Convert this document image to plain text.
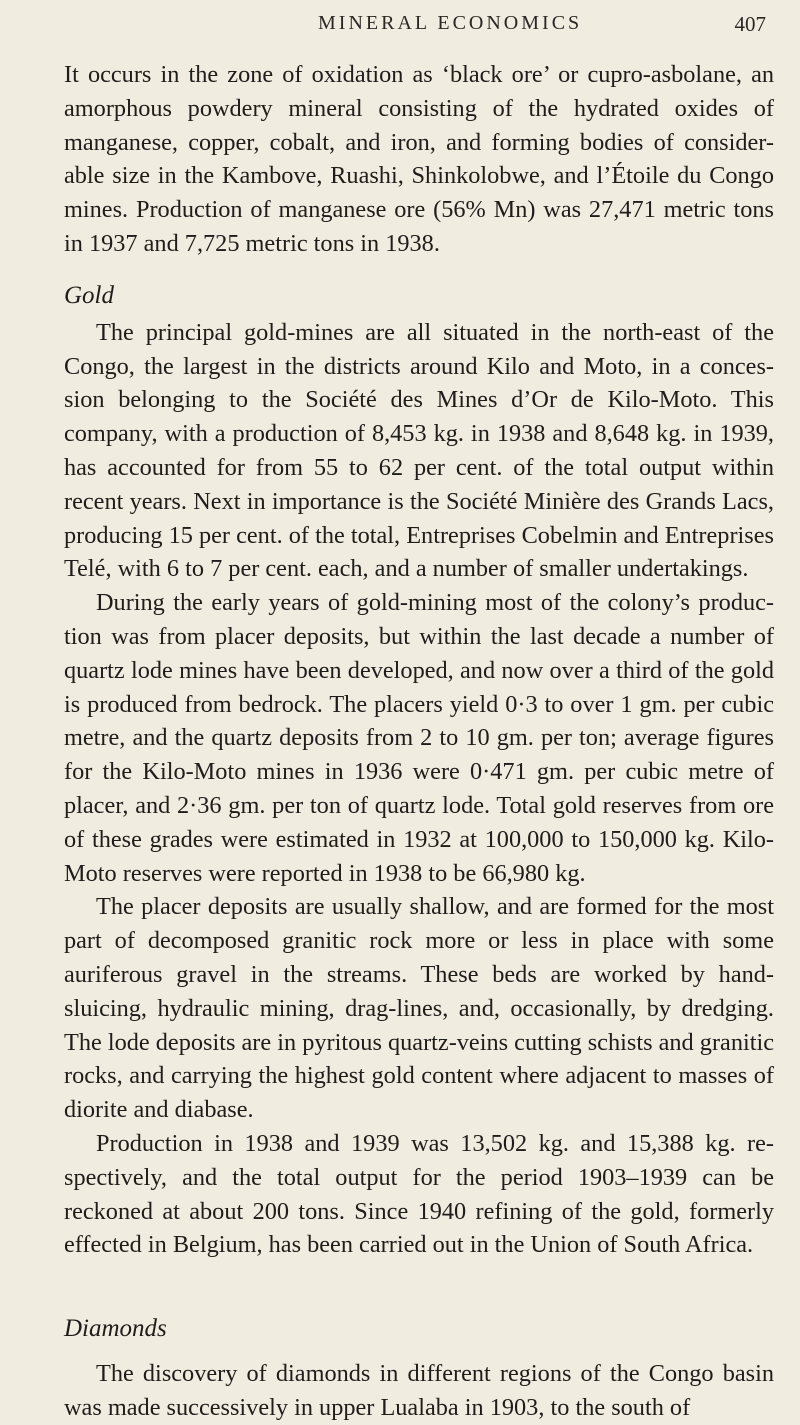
MINERAL ECONOMICS	407

It occurs in the zone of oxidation as ‘black ore’ or cupro-asbolane, an amorphous powdery mineral consisting of the hydrated oxides of manganese, copper, cobalt, and iron, and forming bodies of consider-able size in the Kambove, Ruashi, Shinkolobwe, and l’Étoile du Congo mines. Production of manganese ore (56% Mn) was 27,471 metric tons in 1937 and 7,725 metric tons in 1938.

Gold

The principal gold-mines are all situated in the north-east of the Congo, the largest in the districts around Kilo and Moto, in a conces-sion belonging to the Société des Mines d’Or de Kilo-Moto. This company, with a production of 8,453 kg. in 1938 and 8,648 kg. in 1939, has accounted for from 55 to 62 per cent. of the total output within recent years. Next in importance is the Société Minière des Grands Lacs, producing 15 per cent. of the total, Entreprises Cobelmin and Entreprises Telé, with 6 to 7 per cent. each, and a number of smaller undertakings.

During the early years of gold-mining most of the colony’s produc-tion was from placer deposits, but within the last decade a number of quartz lode mines have been developed, and now over a third of the gold is produced from bedrock. The placers yield 0·3 to over 1 gm. per cubic metre, and the quartz deposits from 2 to 10 gm. per ton; average figures for the Kilo-Moto mines in 1936 were 0·471 gm. per cubic metre of placer, and 2·36 gm. per ton of quartz lode. Total gold reserves from ore of these grades were estimated in 1932 at 100,000 to 150,000 kg. Kilo-Moto reserves were reported in 1938 to be 66,980 kg.

The placer deposits are usually shallow, and are formed for the most part of decomposed granitic rock more or less in place with some auriferous gravel in the streams. These beds are worked by hand-sluicing, hydraulic mining, drag-lines, and, occasionally, by dredging. The lode deposits are in pyritous quartz-veins cutting schists and granitic rocks, and carrying the highest gold content where adjacent to masses of diorite and diabase.

Production in 1938 and 1939 was 13,502 kg. and 15,388 kg. re-spectively, and the total output for the period 1903–1939 can be reckoned at about 200 tons. Since 1940 refining of the gold, formerly effected in Belgium, has been carried out in the Union of South Africa.

Diamonds

The discovery of diamonds in different regions of the Congo basin was made successively in upper Lualaba in 1903, to the south of
